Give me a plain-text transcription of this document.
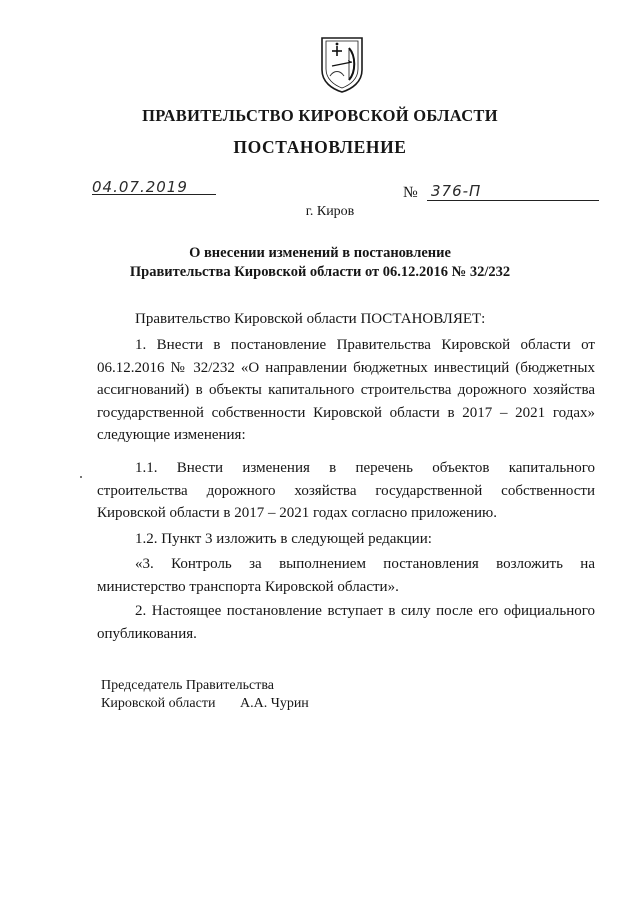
ПРАВИТЕЛЬСТВО КИРОВСКОЙ ОБЛАСТИ
ПОСТАНОВЛЕНИЕ
04.07.2019	№ 376-П
г. Киров
О внесении изменений в постановление
Правительства Кировской области от 06.12.2016 № 32/232
Правительство Кировской области ПОСТАНОВЛЯЕТ:
1. Внести в постановление Правительства Кировской области от
06.12.2016 № 32/232 «О направлении бюджетных инвестиций (бюджетных
ассигнований) в объекты капитального строительства дорожного хозяйства
государственной собственности Кировской области в 2017 – 2021 годах»
следующие изменения:
1.1. Внести изменения в перечень объектов капитального
строительства дорожного хозяйства государственной собственности
Кировской области в 2017 – 2021 годах согласно приложению.
1.2. Пункт 3 изложить в следующей редакции:
«3. Контроль за выполнением постановления возложить на
министерство транспорта Кировской области».
2. Настоящее постановление вступает в силу после его официального
опубликования.
Председатель Правительства
Кировской области А.А. Чурин
